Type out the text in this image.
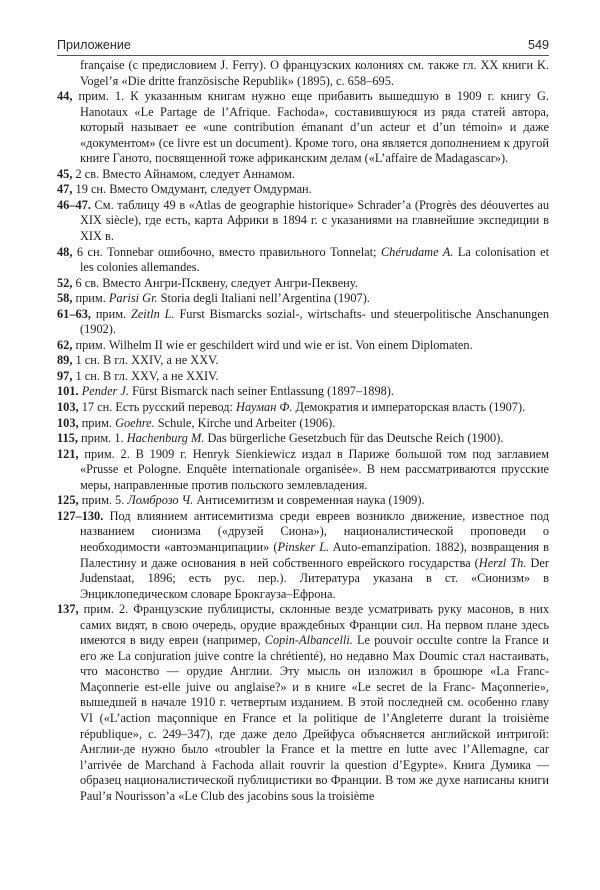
Приложение	549

française (с предисловием J. Ferry). О французских колониях см. также гл. XX книги K. Vogel’я «Die dritte französische Republik» (1895), с. 658–695.

44, прим. 1. К указанным книгам нужно еще прибавить вышедшую в 1909 г. книгу G. Hanotaux «Le Partage de l’Afrique. Fachoda», составившуюся из ряда статей автора, который называет ее «une contribution émanant d’un acteur et d’un témoin» и даже «документом» (ce livre est un document). Кроме того, она является дополнением к другой книге Ганото, посвященной тоже африканским делам («L’affaire de Madagascar»).

45, 2 св. Вместо Айнамом, следует Аннамом.

47, 19 сн. Вместо Омдумант, следует Омдурман.

46–47. См. таблицу 49 в «Atlas de geographie historique» Schrader’a (Progrès des déouvertes au XIX siècle), где есть, карта Африки в 1894 г. с указаниями на главнейшие экспедиции в XIX в.

48, 6 сн. Tonnebar ошибочно, вместо правильного Tonnelat; Chérudame A. La colonisation et les colonies allemandes.

52, 6 св. Вместо Ангри-Псквену, следует Ангри-Пеквену.

58, прим. Parisi Gr. Storia degli Italiani nell’Argentina (1907).

61–63, прим. Zeitln L. Furst Bismarcks sozial-, wirtschafts- und steuerpolitische Anschanungen (1902).

62, прим. Wilhelm II wie er geschildert wird und wie er ist. Von einem Diplomaten.

89, 1 сн. В гл. XXIV, а не XXV.

97, 1 сн. В гл. XXV, а не XXIV.

101. Pender J. Fürst Bismarck nach seiner Entlassung (1897–1898).

103, 17 сн. Есть русский перевод: Науман Ф. Демократия и императорская власть (1907).

103, прим. Goehre. Schule, Kirche und Arbeiter (1906).

115, прим. 1. Hachenburg M. Das bürgerliche Gesetzbuch für das Deutsche Reich (1900).

121, прим. 2. В 1909 г. Henryk Sienkiewicz издал в Париже большой том под заглавием «Prusse et Pologne. Enquête internationale organisée». В нем рассматриваются прусские меры, направленные против польского землевладения.

125, прим. 5. Ломброзо Ч. Антисемитизм и современная наука (1909).

127–130. Под влиянием антисемитизма среди евреев возникло движение, известное под названием сионизма («друзей Сиона»), националистической проповеди о необходимости «автоэманципации» (Pinsker L. Auto-emanzipation. 1882), возвращения в Палестину и даже основания в ней собственного еврейского государства (Herzl Th. Der Judenstaat, 1896; есть рус. пер.). Литература указана в ст. «Сионизм» в Энциклопедическом словаре Брокгауза–Ефрона.

137, прим. 2. Французские публицисты, склонные везде усматривать руку масонов, в них самих видят, в свою очередь, орудие враждебных Франции сил. На первом плане здесь имеются в виду евреи (например, Copin-Albancelli. Le pouvoir occulte contre la France и его же La conjuration juive contre la chrétienté), но недавно Max Doumic стал настаивать, что масонство — орудие Англии. Эту мысль он изложил в брошюре «La Franc-Maçonnerie est-elle juive ou anglaise?» и в книге «Le secret de la Franc- Maçonnerie», вышедшей в начале 1910 г. четвертым изданием. В этой последней см. особенно главу VI («L’action maçonnique en France et la politique de l’Angleterre durant la troisième république», с. 249–347), где даже дело Дрейфуса объясняется английской интригой: Англии-де нужно было «troubler la France et la mettre en lutte avec l’Allemagne, car l’arrivée de Marchand à Fachoda allait rouvrir la question d’Egypte». Книга Думика — образец националистической публицистики во Франции. В том же духе написаны книги Paul’я Nourisson’a «Le Club des jacobins sous la troisième
